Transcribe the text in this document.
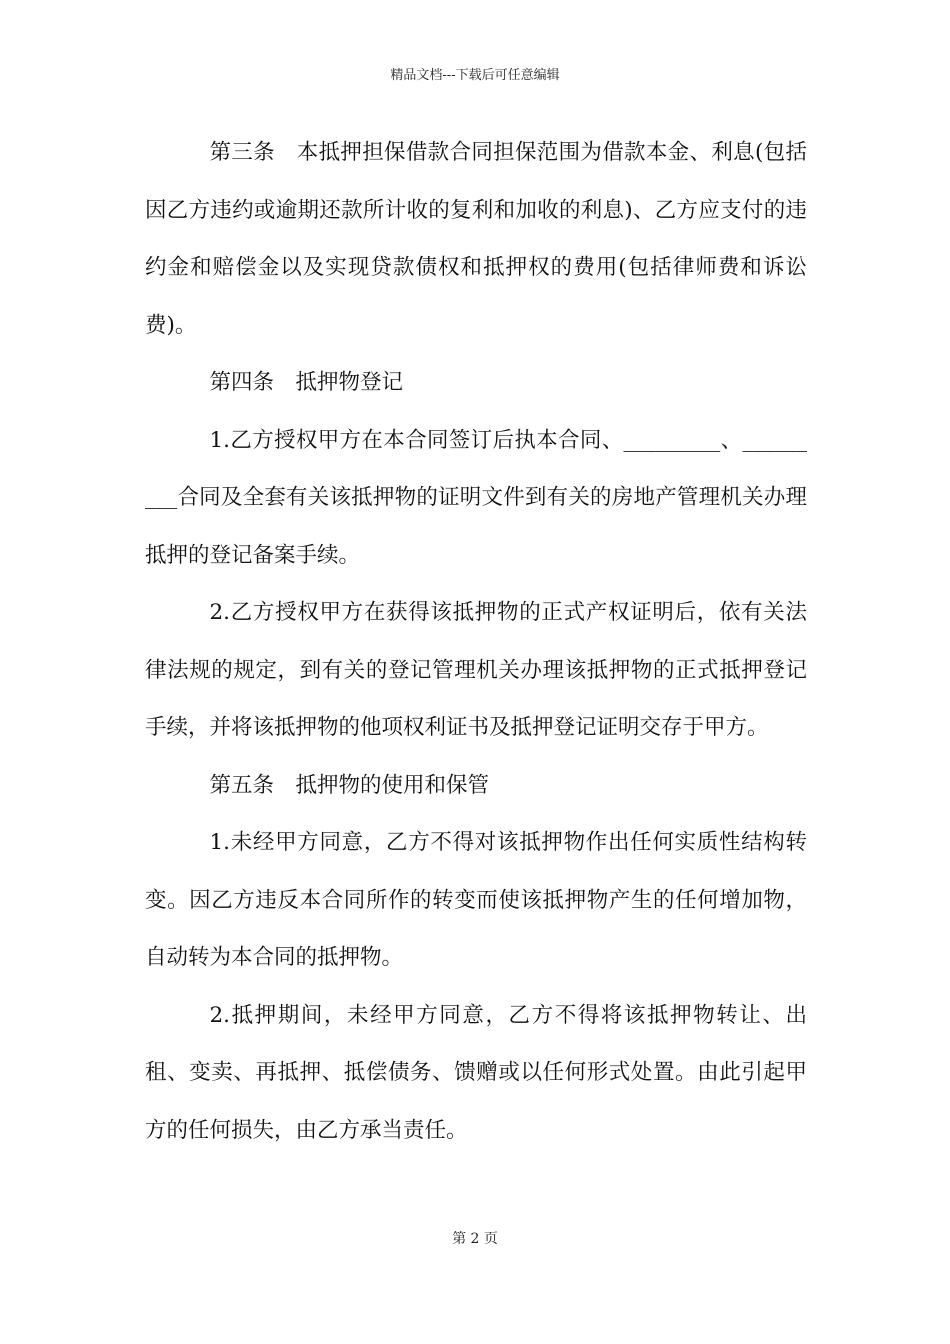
精品文档---下载后可任意编辑

第三条　本抵押担保借款合同担保范围为借款本金、利息(包括因乙方违约或逾期还款所计收的复利和加收的利息)、乙方应支付的违约金和赔偿金以及实现贷款债权和抵押权的费用(包括律师费和诉讼费)。

第四条　抵押物登记

1.乙方授权甲方在本合同签订后执本合同、_________、_________合同及全套有关该抵押物的证明文件到有关的房地产管理机关办理抵押的登记备案手续。

2.乙方授权甲方在获得该抵押物的正式产权证明后，依有关法律法规的规定，到有关的登记管理机关办理该抵押物的正式抵押登记手续，并将该抵押物的他项权利证书及抵押登记证明交存于甲方。

第五条　抵押物的使用和保管

1.未经甲方同意，乙方不得对该抵押物作出任何实质性结构转变。因乙方违反本合同所作的转变而使该抵押物产生的任何增加物，自动转为本合同的抵押物。

2.抵押期间，未经甲方同意，乙方不得将该抵押物转让、出租、变卖、再抵押、抵偿债务、馈赠或以任何形式处置。由此引起甲方的任何损失，由乙方承当责任。

第 2 页
